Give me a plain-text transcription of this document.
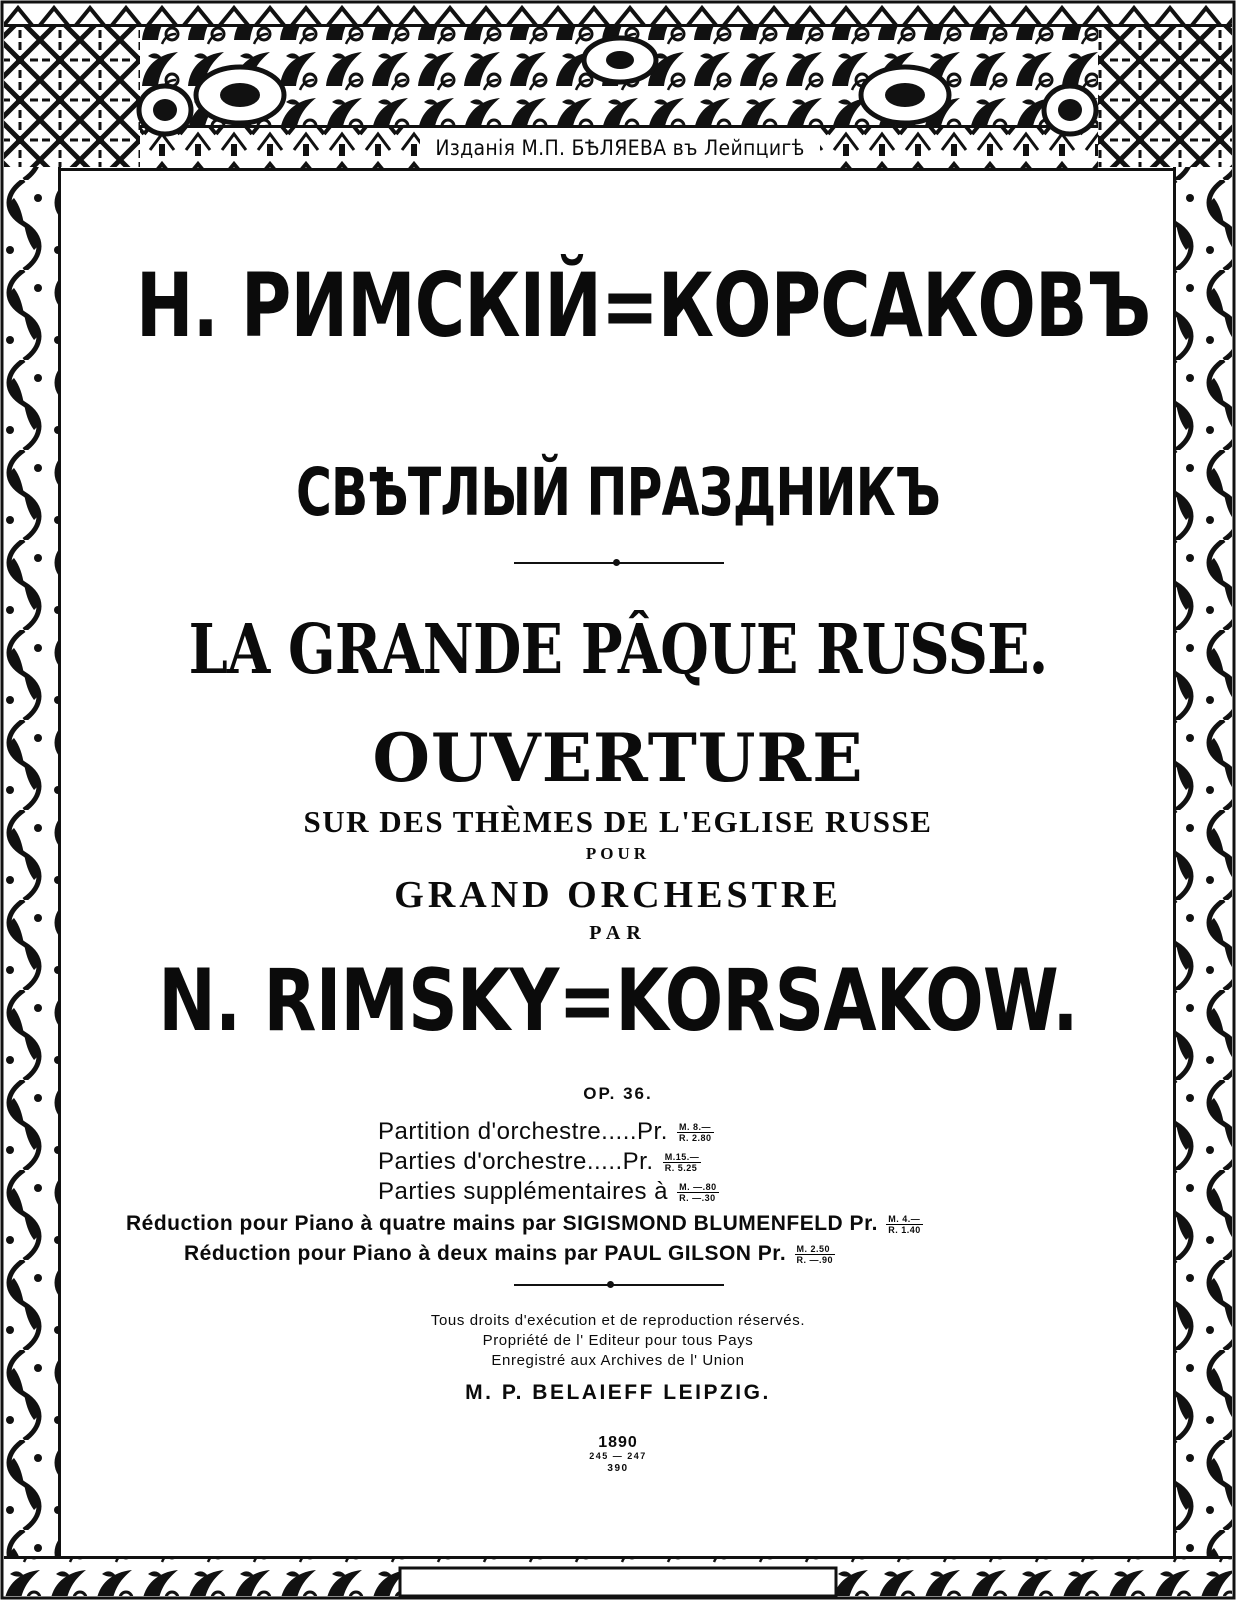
Изданія М.П. БѢЛЯЕВА въ Лейпцигѣ
Н. РИМСКІЙ=КОРСАКОВЪ
СВѢТЛЫЙ ПРАЗДНИКЪ
LA GRANDE PÂQUE RUSSE.
OUVERTURE
SUR DES THÈMES DE L'EGLISE RUSSE
POUR
GRAND ORCHESTRE
PAR
N. RIMSKY=KORSAKOW.
OP. 36.
Partition d'orchestre.....Pr. $\frac{M. 8.—}{R. 2.80}$
Parties d'orchestre.....Pr. $\frac{M.15.—}{R. 5.25}$
Parties supplémentaires à $\frac{M. —.80}{R. —.30}$
Réduction pour Piano à quatre mains par SIGISMOND BLUMENFELD Pr. $\frac{M. 4.—}{R. 1.40}$
Réduction pour Piano à deux mains par PAUL GILSON Pr. $\frac{M. 2.50}{R. —.90}$
Tous droits d'exécution et de reproduction réservés.
Propriété de l' Editeur pour tous Pays
Enregistré aux Archives de l' Union
M. P. BELAIEFF LEIPZIG.
1890
245 — 247
390
